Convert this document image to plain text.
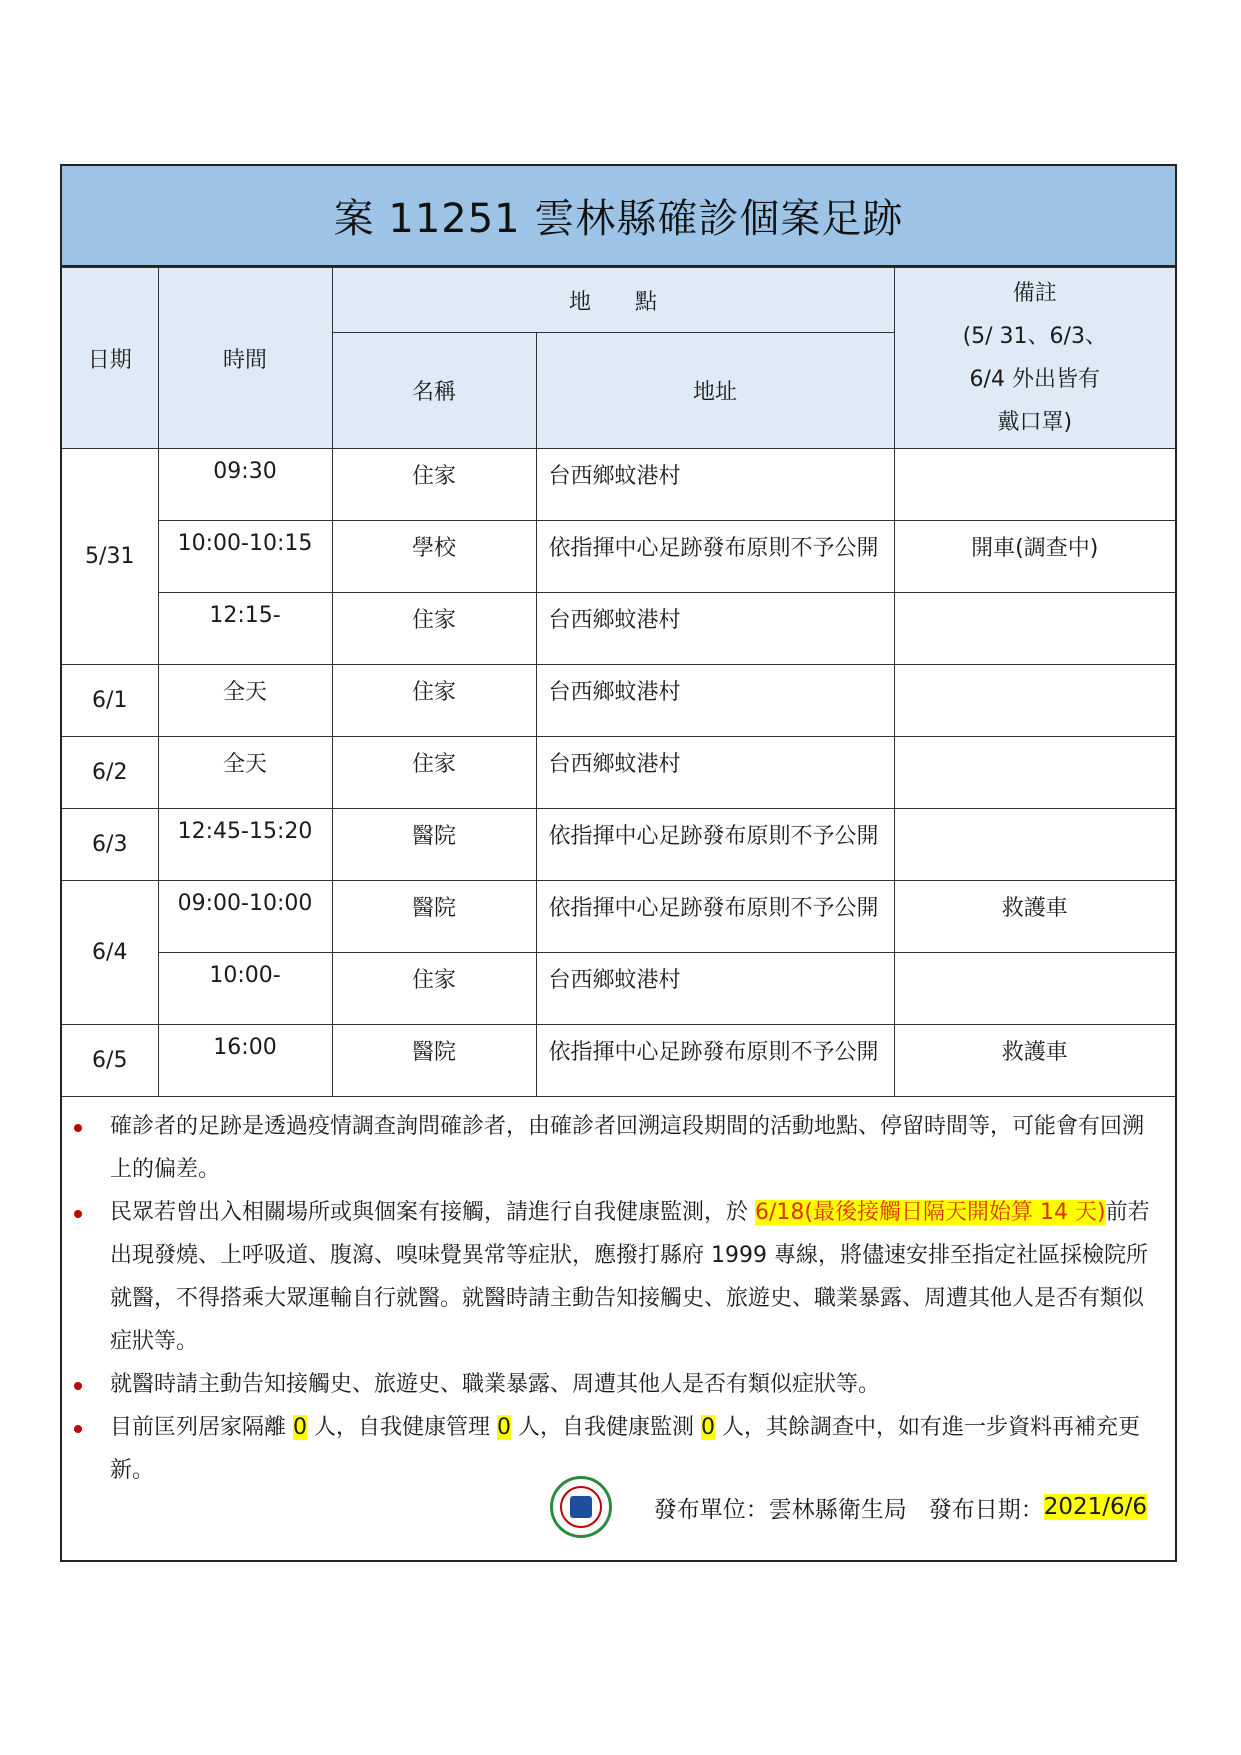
案 11251 雲林縣確診個案足跡
日期	時間	地　　點		備註
(5/ 31、6/3、
6/4 外出皆有
戴口罩)

		名稱	地址	
5/31	09:30	住家	台西鄉蚊港村	
	10:00-10:15	學校	依指揮中心足跡發布原則不予公開	開車(調查中)
	12:15-	住家	台西鄉蚊港村	
6/1	全天	住家	台西鄉蚊港村	
6/2	全天	住家	台西鄉蚊港村	
6/3	12:45-15:20	醫院	依指揮中心足跡發布原則不予公開	
6/4	09:00-10:00	醫院	依指揮中心足跡發布原則不予公開	救護車
	10:00-	住家	台西鄉蚊港村	
6/5	16:00	醫院	依指揮中心足跡發布原則不予公開	救護車

確診者的足跡是透過疫情調查詢問確診者，由確診者回溯這段期間的活動地點、停留時間等，可能會有回溯上的偏差。

民眾若曾出入相關場所或與個案有接觸，請進行自我健康監測，於 6/18(最後接觸日隔天開始算 14 天)前若出現發燒、上呼吸道、腹瀉、嗅味覺異常等症狀，應撥打縣府 1999 專線，將儘速安排至指定社區採檢院所就醫，不得搭乘大眾運輸自行就醫。就醫時請主動告知接觸史、旅遊史、職業暴露、周遭其他人是否有類似症狀等。

就醫時請主動告知接觸史、旅遊史、職業暴露、周遭其他人是否有類似症狀等。

目前匡列居家隔離 0 人，自我健康管理 0 人，自我健康監測 0 人，其餘調查中，如有進一步資料再補充更新。

發布單位：雲林縣衛生局 發布日期： 2021/6/6
